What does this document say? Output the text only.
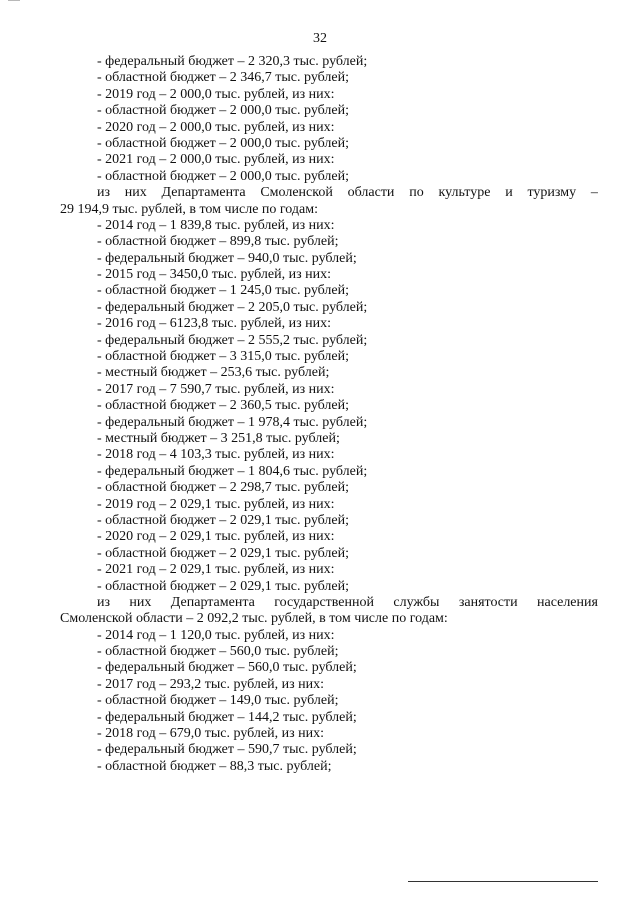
32
- федеральный бюджет – 2 320,3 тыс. рублей;
- областной бюджет – 2 346,7 тыс. рублей;
- 2019 год – 2 000,0 тыс. рублей, из них:
- областной бюджет – 2 000,0 тыс. рублей;
- 2020 год – 2 000,0 тыс. рублей, из них:
- областной бюджет – 2 000,0 тыс. рублей;
- 2021 год – 2 000,0 тыс. рублей, из них:
- областной бюджет – 2 000,0 тыс. рублей;
из них Департамента Смоленской области по культуре и туризму –
29 194,9 тыс. рублей, в том числе по годам:
- 2014 год – 1 839,8 тыс. рублей, из них:
- областной бюджет – 899,8 тыс. рублей;
- федеральный бюджет – 940,0 тыс. рублей;
- 2015 год – 3450,0 тыс. рублей, из них:
- областной бюджет – 1 245,0 тыс. рублей;
- федеральный бюджет – 2 205,0 тыс. рублей;
- 2016 год – 6123,8 тыс. рублей, из них:
- федеральный бюджет – 2 555,2 тыс. рублей;
- областной бюджет – 3 315,0 тыс. рублей;
- местный бюджет – 253,6 тыс. рублей;
- 2017 год – 7 590,7 тыс. рублей, из них:
- областной бюджет – 2 360,5 тыс. рублей;
- федеральный бюджет – 1 978,4 тыс. рублей;
- местный бюджет – 3 251,8 тыс. рублей;
- 2018 год – 4 103,3 тыс. рублей, из них:
- федеральный бюджет – 1 804,6 тыс. рублей;
- областной бюджет – 2 298,7 тыс. рублей;
- 2019 год – 2 029,1 тыс. рублей, из них:
- областной бюджет – 2 029,1 тыс. рублей;
- 2020 год – 2 029,1 тыс. рублей, из них:
- областной бюджет – 2 029,1 тыс. рублей;
- 2021 год – 2 029,1 тыс. рублей, из них:
- областной бюджет – 2 029,1 тыс. рублей;
из них Департамента государственной службы занятости населения
Смоленской области – 2 092,2 тыс. рублей, в том числе по годам:
- 2014 год – 1 120,0 тыс. рублей, из них:
- областной бюджет – 560,0 тыс. рублей;
- федеральный бюджет – 560,0 тыс. рублей;
- 2017 год – 293,2 тыс. рублей, из них:
- областной бюджет – 149,0 тыс. рублей;
- федеральный бюджет – 144,2 тыс. рублей;
- 2018 год – 679,0 тыс. рублей, из них:
- федеральный бюджет – 590,7 тыс. рублей;
- областной бюджет – 88,3 тыс. рублей;
